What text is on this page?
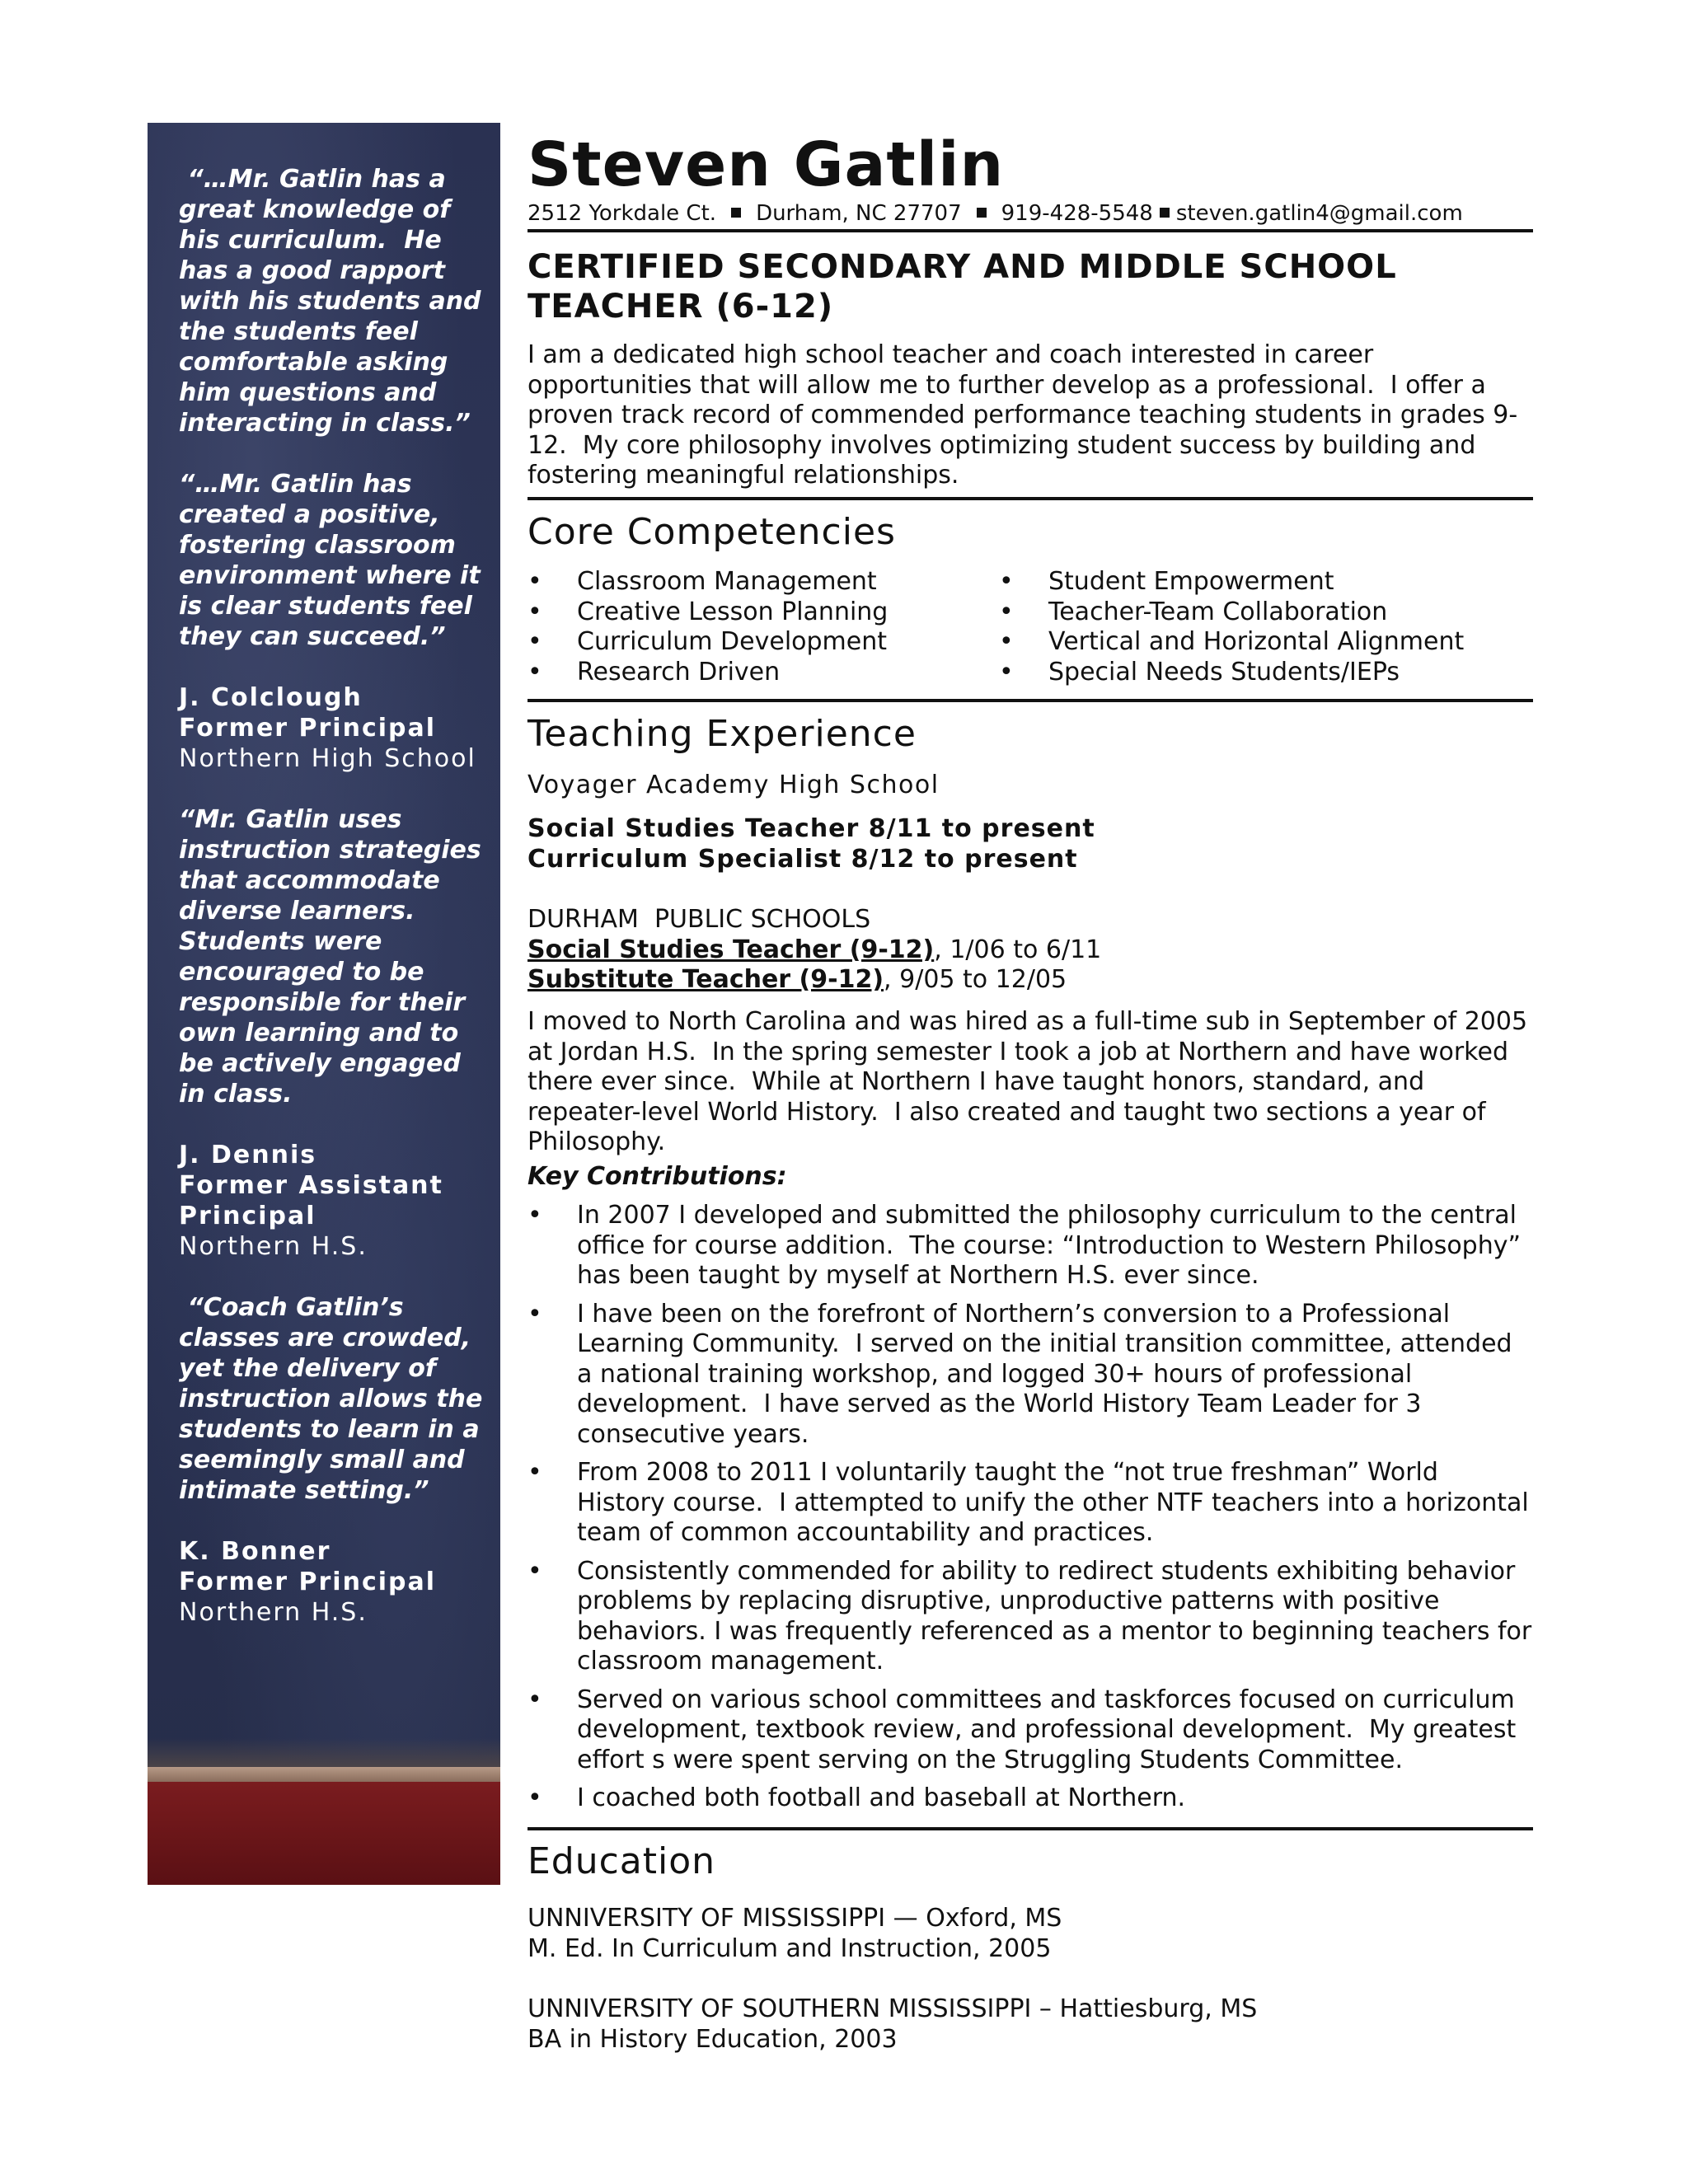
“…Mr. Gatlin has a great knowledge of his curriculum.  He has a good rapport with his students and the students feel comfortable asking him questions and interacting in class.”
“…Mr. Gatlin has created a positive, fostering classroom environment where it is clear students feel they can succeed.”
J. Colclough
Former Principal
Northern High School
“Mr. Gatlin uses instruction strategies that accommodate diverse learners. Students were encouraged to be responsible for their own learning and to be actively engaged in class.
J. Dennis
Former Assistant Principal
Northern H.S.
“Coach Gatlin’s classes are crowded, yet the delivery of instruction allows the students to learn in a seemingly small and intimate setting.”
K. Bonner
Former Principal
Northern H.S.
Steven Gatlin
2512 Yorkdale Ct. Durham, NC 27707 919-428-5548 steven.gatlin4@gmail.com
CERTIFIED SECONDARY AND MIDDLE SCHOOL TEACHER (6-12)
I am a dedicated high school teacher and coach interested in career opportunities that will allow me to further develop as a professional.  I offer a proven track record of commended performance teaching students in grades 9-12.  My core philosophy involves optimizing student success by building and fostering meaningful relationships.
Core Competencies
• Classroom Management
• Creative Lesson Planning
• Curriculum Development
• Research Driven
• Student Empowerment
• Teacher-Team Collaboration
• Vertical and Horizontal Alignment
• Special Needs Students/IEPs
Teaching Experience
Voyager Academy High School
Social Studies Teacher 8/11 to present
Curriculum Specialist 8/12 to present
DURHAM  PUBLIC SCHOOLS
Social Studies Teacher (9-12), 1/06 to 6/11
Substitute Teacher (9-12), 9/05 to 12/05
I moved to North Carolina and was hired as a full-time sub in September of 2005 at Jordan H.S.  In the spring semester I took a job at Northern and have worked there ever since.  While at Northern I have taught honors, standard, and repeater-level World History.  I also created and taught two sections a year of Philosophy.
Key Contributions:
• In 2007 I developed and submitted the philosophy curriculum to the central office for course addition.  The course: “Introduction to Western Philosophy” has been taught by myself at Northern H.S. ever since.
• I have been on the forefront of Northern’s conversion to a Professional Learning Community.  I served on the initial transition committee, attended a national training workshop, and logged 30+ hours of professional development.  I have served as the World History Team Leader for 3 consecutive years.
• From 2008 to 2011 I voluntarily taught the “not true freshman” World History course.  I attempted to unify the other NTF teachers into a horizontal team of common accountability and practices.
• Consistently commended for ability to redirect students exhibiting behavior problems by replacing disruptive, unproductive patterns with positive behaviors. I was frequently referenced as a mentor to beginning teachers for classroom management.
• Served on various school committees and taskforces focused on curriculum development, textbook review, and professional development.  My greatest effort s were spent serving on the Struggling Students Committee.
• I coached both football and baseball at Northern.
Education
UNNIVERSITY OF MISSISSIPPI — Oxford, MS
M. Ed. In Curriculum and Instruction, 2005
UNNIVERSITY OF SOUTHERN MISSISSIPPI – Hattiesburg, MS
BA in History Education, 2003
